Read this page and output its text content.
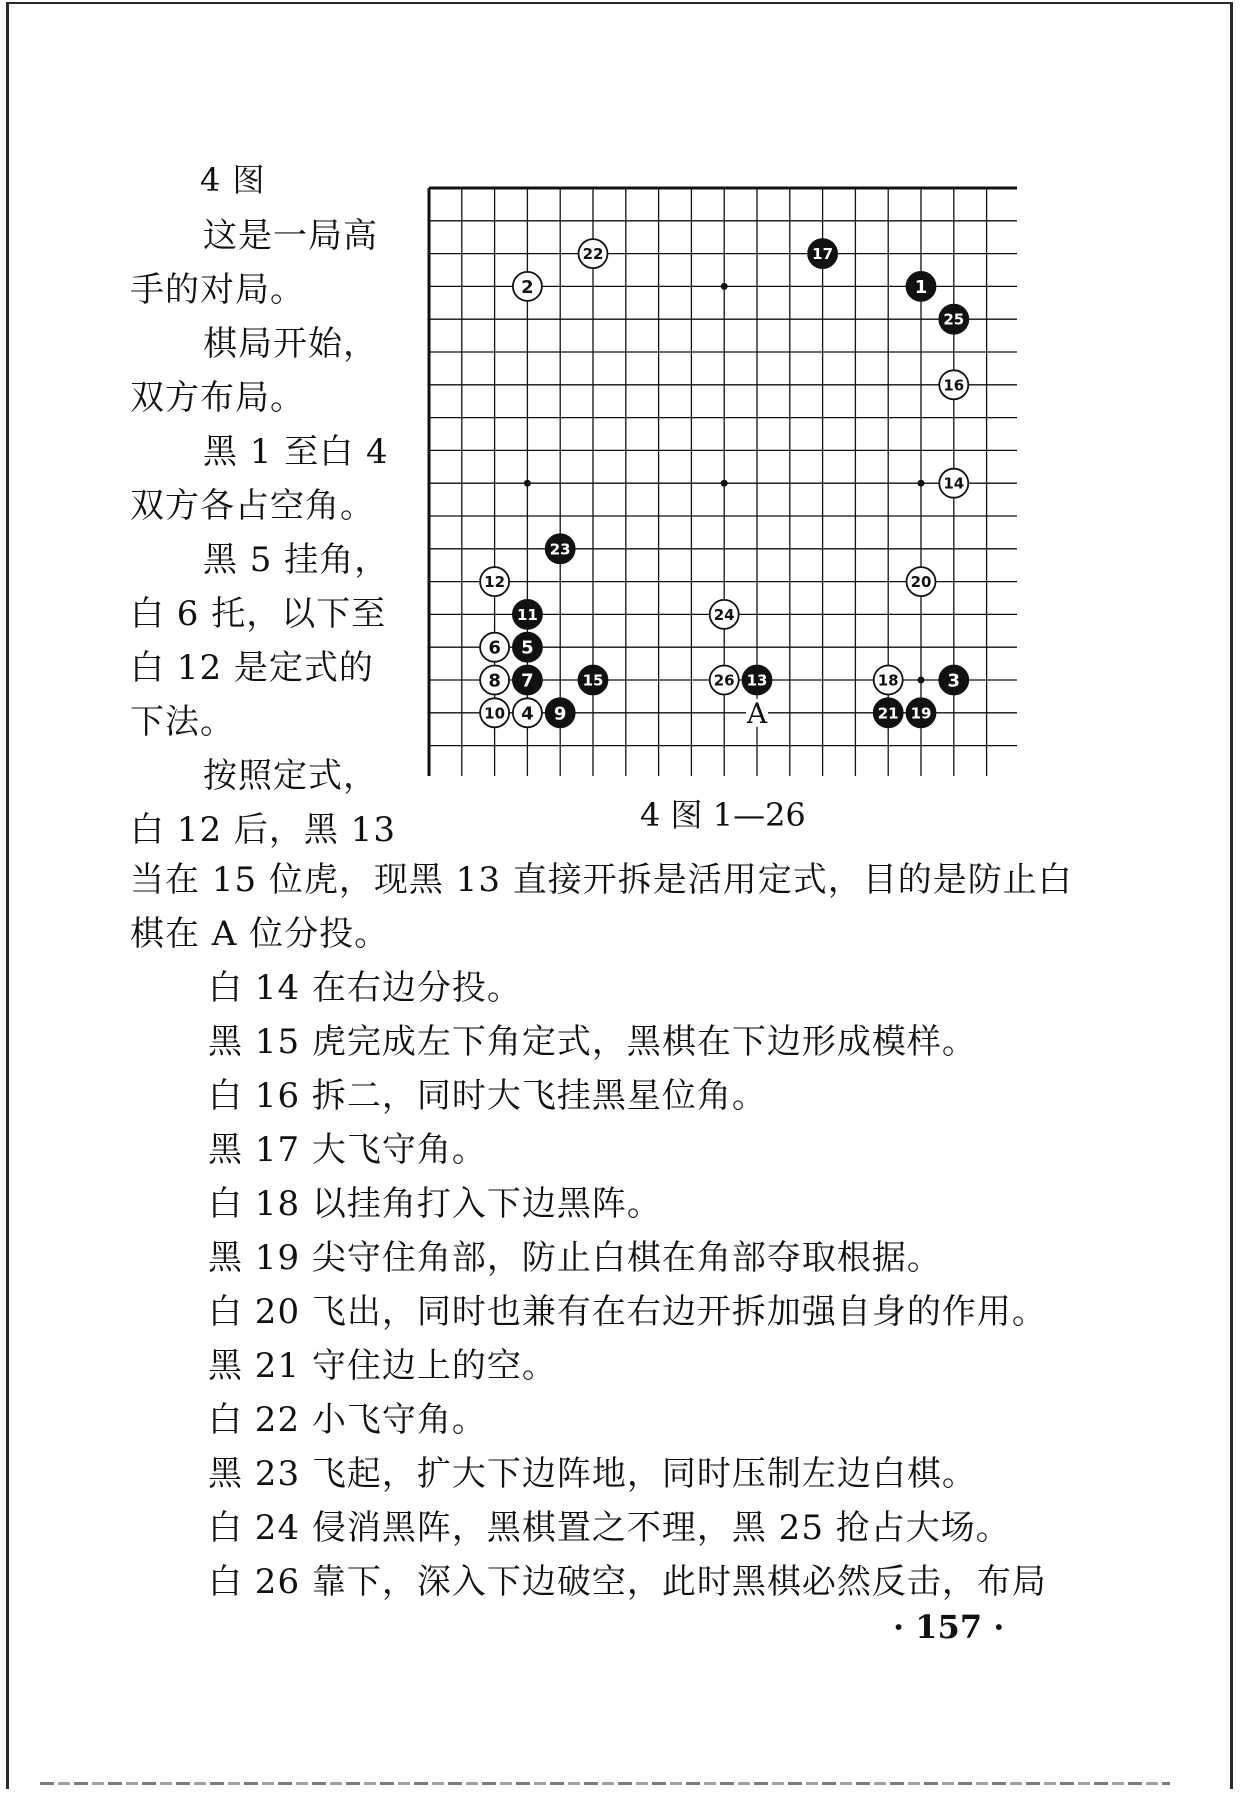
4 图
这是一局高
手的对局。
棋局开始，
双方布局。
黑 1 至白 4
双方各占空角。
黑 5 挂角，
白 6 托，以下至
白 12 是定式的
下法。
按照定式，
白 12 后，黑 13
1
2
3
4
5
6
7
8
9
10
11
12
13
14
15
16
17
18
19
20
21
22
23
24
25
26
A
4 图 1—26
当在 15 位虎，现黑 13 直接开拆是活用定式，目的是防止白
棋在 A 位分投。
白 14 在右边分投。
黑 15 虎完成左下角定式，黑棋在下边形成模样。
白 16 拆二，同时大飞挂黑星位角。
黑 17 大飞守角。
白 18 以挂角打入下边黑阵。
黑 19 尖守住角部，防止白棋在角部夺取根据。
白 20 飞出，同时也兼有在右边开拆加强自身的作用。
黑 21 守住边上的空。
白 22 小飞守角。
黑 23 飞起，扩大下边阵地，同时压制左边白棋。
白 24 侵消黑阵，黑棋置之不理，黑 25 抢占大场。
白 26 靠下，深入下边破空，此时黑棋必然反击，布局
· 157 ·
